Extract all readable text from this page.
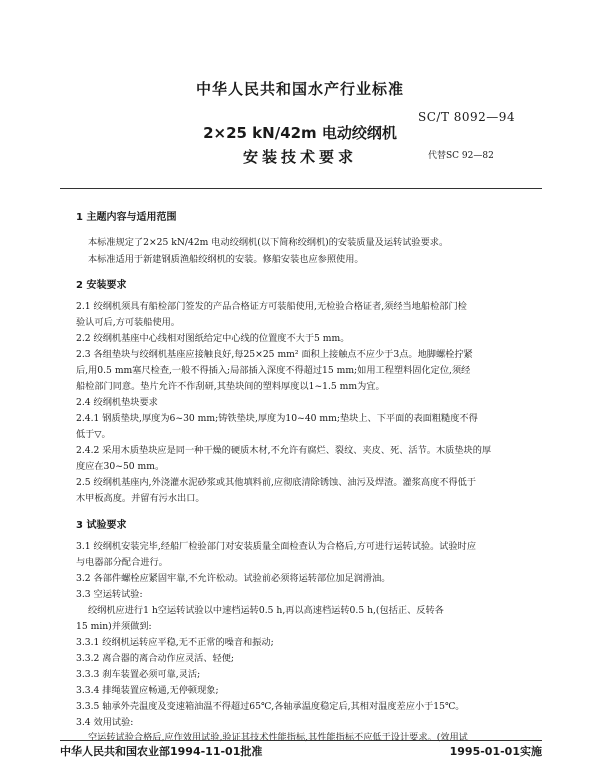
中华人民共和国水产行业标准
SC/T 8092—94
2×25 kN/42m 电动绞纲机
安装技术要求	代替SC 92—82
1 主题内容与适用范围
本标准规定了2×25 kN/42m 电动绞纲机(以下简称绞纲机)的安装质量及运转试验要求。
本标准适用于新建钢质渔船绞纲机的安装。修船安装也应参照使用。
2 安装要求
2.1 绞纲机须具有船检部门签发的产品合格证方可装船使用,无检验合格证者,须经当地船检部门检
验认可后,方可装船使用。
2.2 绞纲机基座中心线相对图纸给定中心线的位置度不大于5 mm。
2.3 各组垫块与绞纲机基座应接触良好,每25×25 mm² 面积上接触点不应少于3点。地脚螺栓拧紧
后,用0.5 mm塞尺检查,一般不得插入;局部插入深度不得超过15 mm;如用工程塑料固化定位,须经
船检部门同意。垫片允许不作刮研,其垫块间的塑料厚度以1~1.5 mm为宜。
2.4 绞纲机垫块要求
2.4.1 钢质垫块,厚度为6~30 mm;铸铁垫块,厚度为10~40 mm;垫块上、下平面的表面粗糙度不得
低于▽。
2.4.2 采用木质垫块应是同一种干燥的硬质木材,不允许有腐烂、裂纹、夹皮、死、活节。木质垫块的厚
度应在30~50 mm。
2.5 绞纲机基座内,外浇灌水泥砂浆或其他填料前,应彻底清除锈蚀、油污及焊渣。灌浆高度不得低于
木甲板高度。并留有污水出口。
3 试验要求
3.1 绞纲机安装完毕,经船厂检验部门对安装质量全面检查认为合格后,方可进行运转试验。试验时应
与电器部分配合进行。
3.2 各部件螺栓应紧固牢靠,不允许松动。试验前必须将运转部位加足润滑油。
3.3 空运转试验:
绞纲机应进行1 h空运转试验以中速档运转0.5 h,再以高速档运转0.5 h,(包括正、反转各
15 min)并须做到:
3.3.1 绞纲机运转应平稳,无不正常的噪音和振动;
3.3.2 离合器的离合动作应灵活、轻便;
3.3.3 刹车装置必须可靠,灵活;
3.3.4 排绳装置应畅通,无停顿现象;
3.3.5 轴承外壳温度及变速箱油温不得超过65℃,各轴承温度稳定后,其相对温度差应小于15℃。
3.4 效用试验:
空运转试验合格后,应作效用试验,验证其技术性能指标,其性能指标不应低于设计要求。(效用试
中华人民共和国农业部1994-11-01批准	1995-01-01实施
